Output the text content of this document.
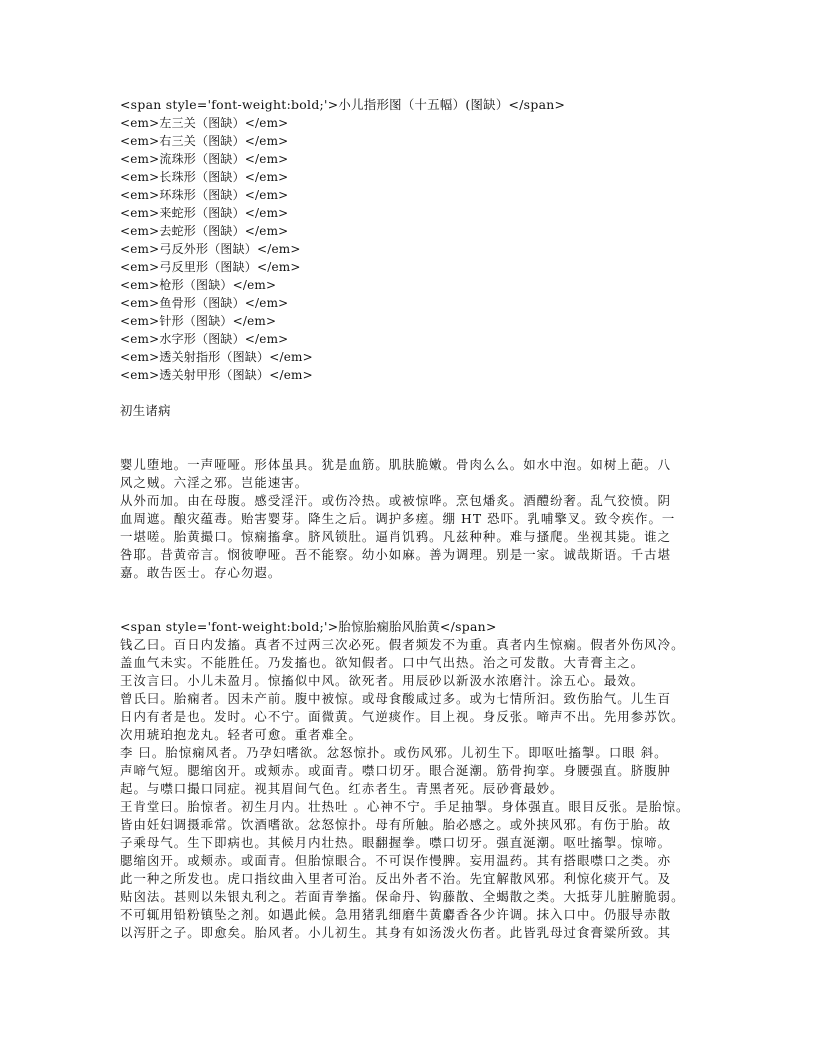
<span style='font-weight:bold;'>小儿指形图（十五幅）(图缺）</span>
<em>左三关（图缺）</em>
<em>右三关（图缺）</em>
<em>流珠形（图缺）</em>
<em>长珠形（图缺）</em>
<em>环珠形（图缺）</em>
<em>来蛇形（图缺）</em>
<em>去蛇形（图缺）</em>
<em>弓反外形（图缺）</em>
<em>弓反里形（图缺）</em>
<em>枪形（图缺）</em>
<em>鱼骨形（图缺）</em>
<em>针形（图缺）</em>
<em>水字形（图缺）</em>
<em>透关射指形（图缺）</em>
<em>透关射甲形（图缺）</em>
初生诸病
婴儿堕地。一声哑哑。形体虽具。犹是血筋。肌肤脆嫩。骨肉么么。如水中泡。如树上葩。八
风之贼。六淫之邪。岂能速害。
从外而加。由在母腹。感受淫汗。或伤冷热。或被惊哗。烹包燔炙。酒醴纷奢。乱气狡愤。阴
血周遮。酿灾蕴毒。贻害婴芽。降生之后。调护多瘥。绷 HT 恐吓。乳哺擎叉。致令疾作。一
一堪嗟。胎黄撮口。惊痫搐拿。脐风锁肚。逼肖饥鸦。凡兹种种。难与搔爬。坐视其毙。谁之
咎耶。昔黄帝言。悯彼咿哑。吾不能察。幼小如麻。善为调理。别是一家。诚哉斯语。千古堪
嘉。敢告医士。存心勿遐。
<span style='font-weight:bold;'>胎惊胎痫胎风胎黄</span>
钱乙曰。百日内发搐。真者不过两三次必死。假者频发不为重。真者内生惊痫。假者外伤风冷。
盖血气未实。不能胜任。乃发搐也。欲知假者。口中气出热。治之可发散。大青膏主之。
王汝言曰。小儿未盈月。惊搐似中风。欲死者。用辰砂以新汲水浓磨汁。涂五心。最效。
曾氏曰。胎痫者。因未产前。腹中被惊。或母食酸咸过多。或为七情所汩。致伤胎气。儿生百
日内有者是也。发时。心不宁。面微黄。气逆痰作。目上视。身反张。啼声不出。先用参苏饮。
次用琥珀抱龙丸。轻者可愈。重者难全。
李 曰。胎惊痫风者。乃孕妇嗜欲。忿怒惊扑。或伤风邪。儿初生下。即呕吐搐掣。口眼 斜。
声啼气短。腮缩囟开。或颊赤。或面青。噤口切牙。眼合涎潮。筋骨拘挛。身腰强直。脐腹肿
起。与噤口撮口同症。视其眉间气色。红赤者生。青黑者死。辰砂膏最妙。
王肯堂曰。胎惊者。初生月内。壮热吐 。心神不宁。手足抽掣。身体强直。眼目反张。是胎惊。
皆由妊妇调摄乖常。饮酒嗜欲。忿怒惊扑。母有所触。胎必感之。或外挟风邪。有伤于胎。故
子乘母气。生下即病也。其候月内壮热。眼翻握拳。噤口切牙。强直涎潮。呕吐搐掣。惊啼。
腮缩囟开。或颊赤。或面青。但胎惊眼合。不可误作慢脾。妄用温药。其有搭眼噤口之类。亦
此一种之所发也。虎口指纹曲入里者可治。反出外者不治。先宜解散风邪。利惊化痰开气。及
贴囟法。甚则以朱银丸利之。若面青拳搐。保命丹、钩藤散、全蝎散之类。大抵芽儿脏腑脆弱。
不可辄用铅粉镇坠之剂。如遇此候。急用猪乳细磨牛黄麝香各少许调。抹入口中。仍服导赤散
以泻肝之子。即愈矣。胎风者。小儿初生。其身有如汤泼火伤者。此皆乳母过食膏粱所致。其
